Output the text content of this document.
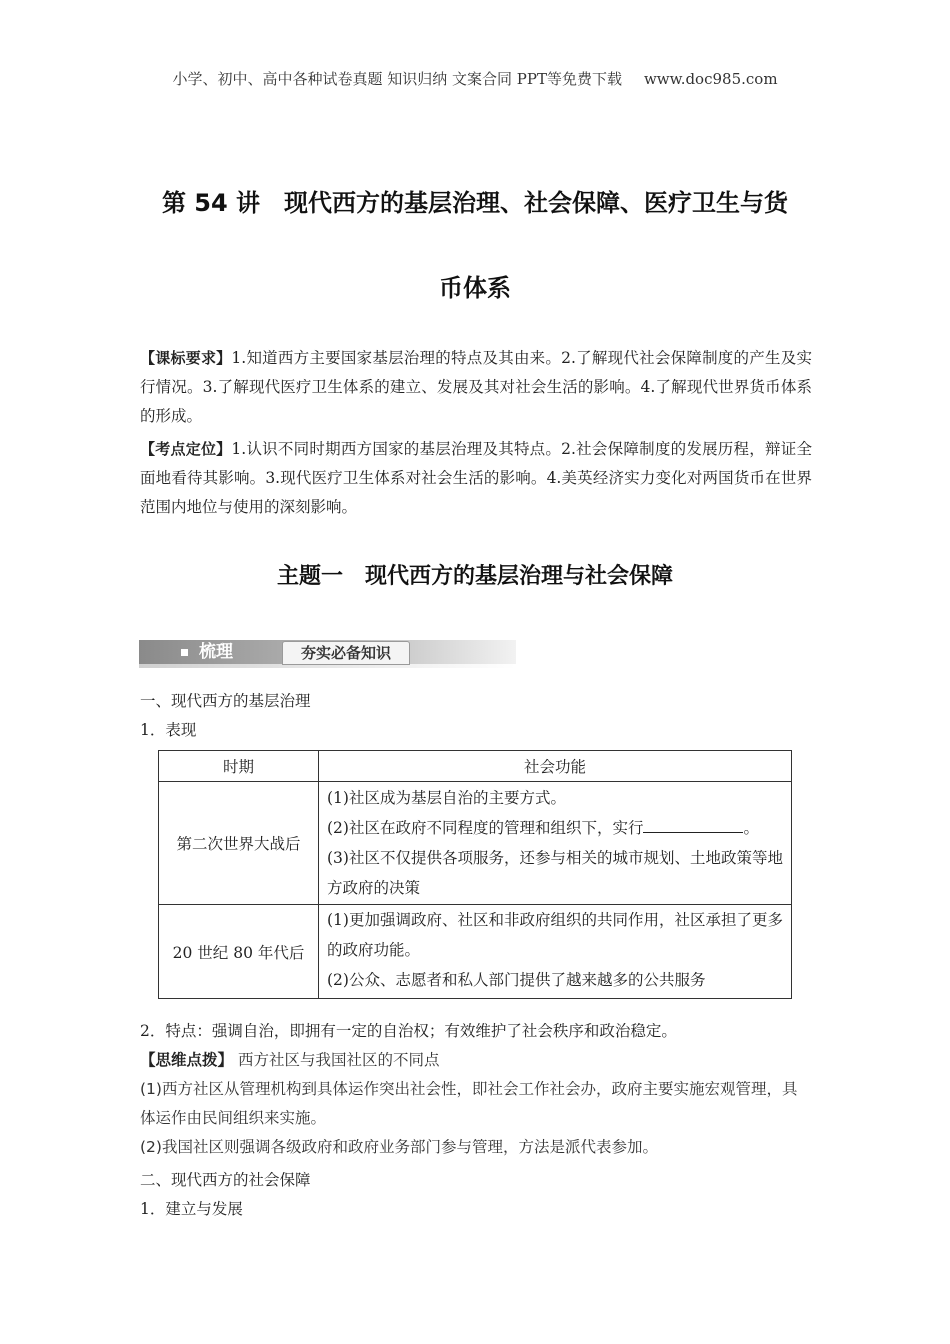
小学、初中、高中各种试卷真题 知识归纳 文案合同 PPT等免费下载 www.doc985.com
第 54 讲　现代西方的基层治理、社会保障、医疗卫生与货
币体系
【课标要求】1.知道西方主要国家基层治理的特点及其由来。2.了解现代社会保障制度的产生及实行情况。3.了解现代医疗卫生体系的建立、发展及其对社会生活的影响。4.了解现代世界货币体系的形成。
【考点定位】1.认识不同时期西方国家的基层治理及其特点。2.社会保障制度的发展历程，辩证全面地看待其影响。3.现代医疗卫生体系对社会生活的影响。4.美英经济实力变化对两国货币在世界范围内地位与使用的深刻影响。
主题一　现代西方的基层治理与社会保障
梳理	夯实必备知识
一、现代西方的基层治理
1．表现
时期	社会功能
第二次世界大战后	(1)社区成为基层自治的主要方式。
(2)社区在政府不同程度的管理和组织下，实行 。
(3)社区不仅提供各项服务，还参与相关的城市规划、土地政策等地方政府的决策

20 世纪 80 年代后	(1)更加强调政府、社区和非政府组织的共同作用，社区承担了更多的政府功能。
(2)公众、志愿者和私人部门提供了越来越多的公共服务
2．特点：强调自治，即拥有一定的自治权；有效维护了社会秩序和政治稳定。
【思维点拨】 西方社区与我国社区的不同点
(1)西方社区从管理机构到具体运作突出社会性，即社会工作社会办，政府主要实施宏观管理，具体运作由民间组织来实施。
(2)我国社区则强调各级政府和政府业务部门参与管理，方法是派代表参加。
二、现代西方的社会保障
1．建立与发展
